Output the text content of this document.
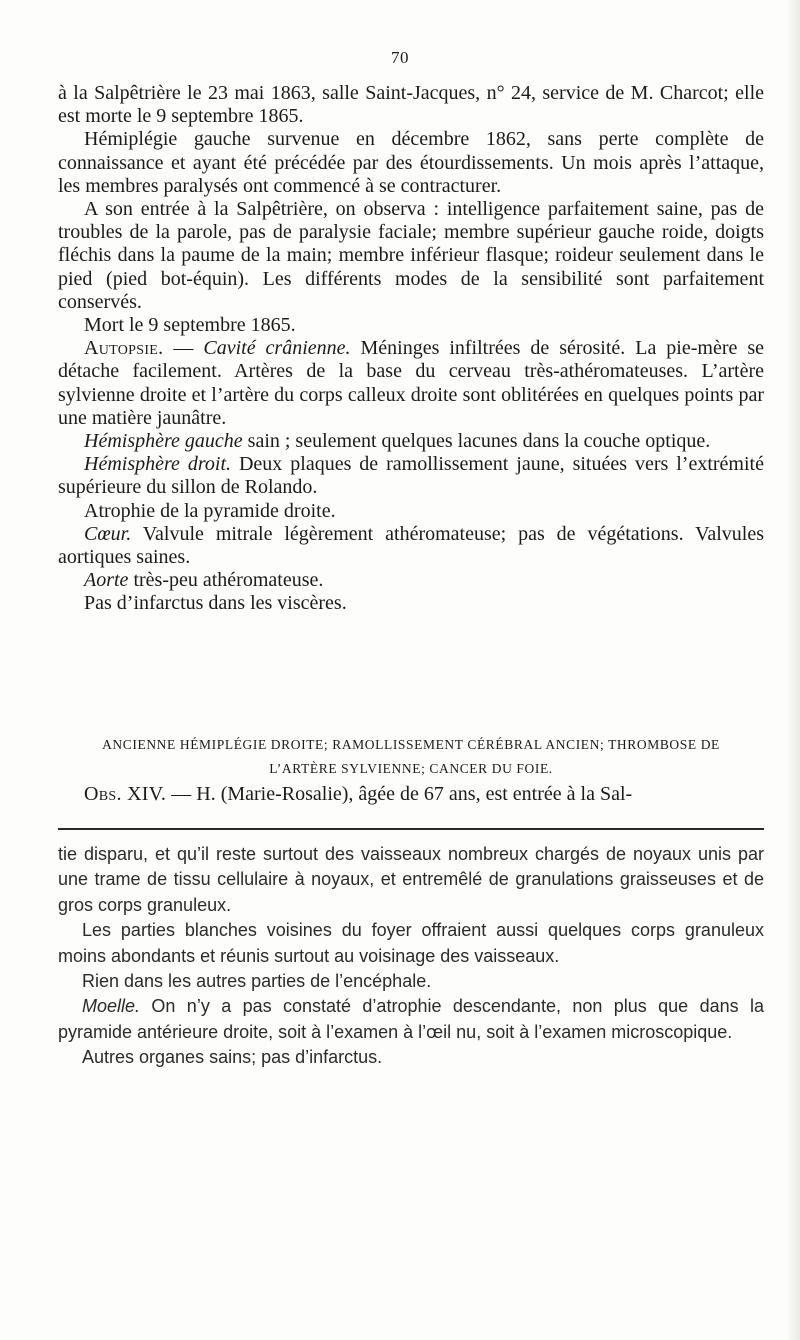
70

à la Salpêtrière le 23 mai 1863, salle Saint-Jacques, n° 24, service de M. Charcot; elle est morte le 9 septembre 1865.

Hémiplégie gauche survenue en décembre 1862, sans perte complète de connaissance et ayant été précédée par des étourdissements. Un mois après l’attaque, les membres paralysés ont commencé à se contracturer.

A son entrée à la Salpêtrière, on observa : intelligence parfaitement saine, pas de troubles de la parole, pas de paralysie faciale; membre supérieur gauche roide, doigts fléchis dans la paume de la main; membre inférieur flasque; roideur seulement dans le pied (pied bot-équin). Les différents modes de la sensibilité sont parfaitement conservés.

Mort le 9 septembre 1865.

Autopsie. — Cavité crânienne. Méninges infiltrées de sérosité. La pie-mère se détache facilement. Artères de la base du cerveau très-athéromateuses. L’artère sylvienne droite et l’artère du corps calleux droite sont oblitérées en quelques points par une matière jaunâtre.

Hémisphère gauche sain ; seulement quelques lacunes dans la couche optique.

Hémisphère droit. Deux plaques de ramollissement jaune, situées vers l’extrémité supérieure du sillon de Rolando.

Atrophie de la pyramide droite.

Cœur. Valvule mitrale légèrement athéromateuse; pas de végétations. Valvules aortiques saines.

Aorte très-peu athéromateuse.

Pas d’infarctus dans les viscères.

ANCIENNE HÉMIPLÉGIE DROITE; RAMOLLISSEMENT CÉRÉBRAL ANCIEN; THROMBOSE DE
L’ARTÈRE SYLVIENNE; CANCER DU FOIE.

Obs. XIV. — H. (Marie-Rosalie), âgée de 67 ans, est entrée à la Sal-

tie disparu, et qu’il reste surtout des vaisseaux nombreux chargés de noyaux unis par une trame de tissu cellulaire à noyaux, et entremêlé de granulations graisseuses et de gros corps granuleux.

Les parties blanches voisines du foyer offraient aussi quelques corps granuleux moins abondants et réunis surtout au voisinage des vaisseaux.

Rien dans les autres parties de l’encéphale.

Moelle. On n’y a pas constaté d’atrophie descendante, non plus que dans la pyramide antérieure droite, soit à l’examen à l’œil nu, soit à l’examen microscopique.

Autres organes sains; pas d’infarctus.
